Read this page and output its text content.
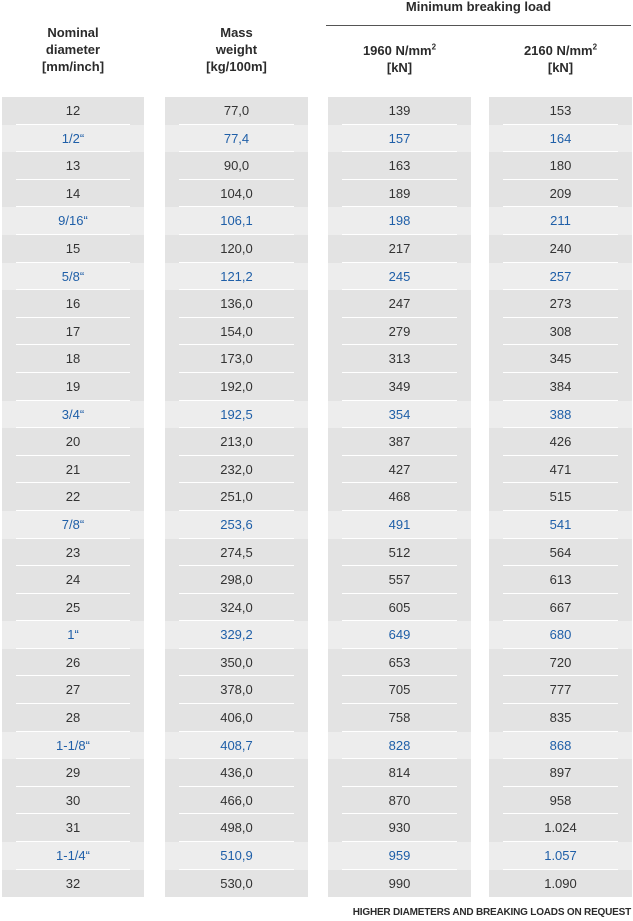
Minimum breaking load
Nominal
diameter
[mm/inch]
Mass
weight
[kg/100m]
1960 $N/mm^2$
[kN]
2160 $N/mm^2$
[kN]
12
1/2“
13
14
9/16“
15
5/8“
16
17
18
19
3/4“
20
21
22
7/8“
23
24
25
1“
26
27
28
1-1/8“
29
30
31
1-1/4“
32
77,0
77,4
90,0
104,0
106,1
120,0
121,2
136,0
154,0
173,0
192,0
192,5
213,0
232,0
251,0
253,6
274,5
298,0
324,0
329,2
350,0
378,0
406,0
408,7
436,0
466,0
498,0
510,9
530,0
139
157
163
189
198
217
245
247
279
313
349
354
387
427
468
491
512
557
605
649
653
705
758
828
814
870
930
959
990
153
164
180
209
211
240
257
273
308
345
384
388
426
471
515
541
564
613
667
680
720
777
835
868
897
958
1.024
1.057
1.090
HIGHER DIAMETERS AND BREAKING LOADS ON REQUEST
